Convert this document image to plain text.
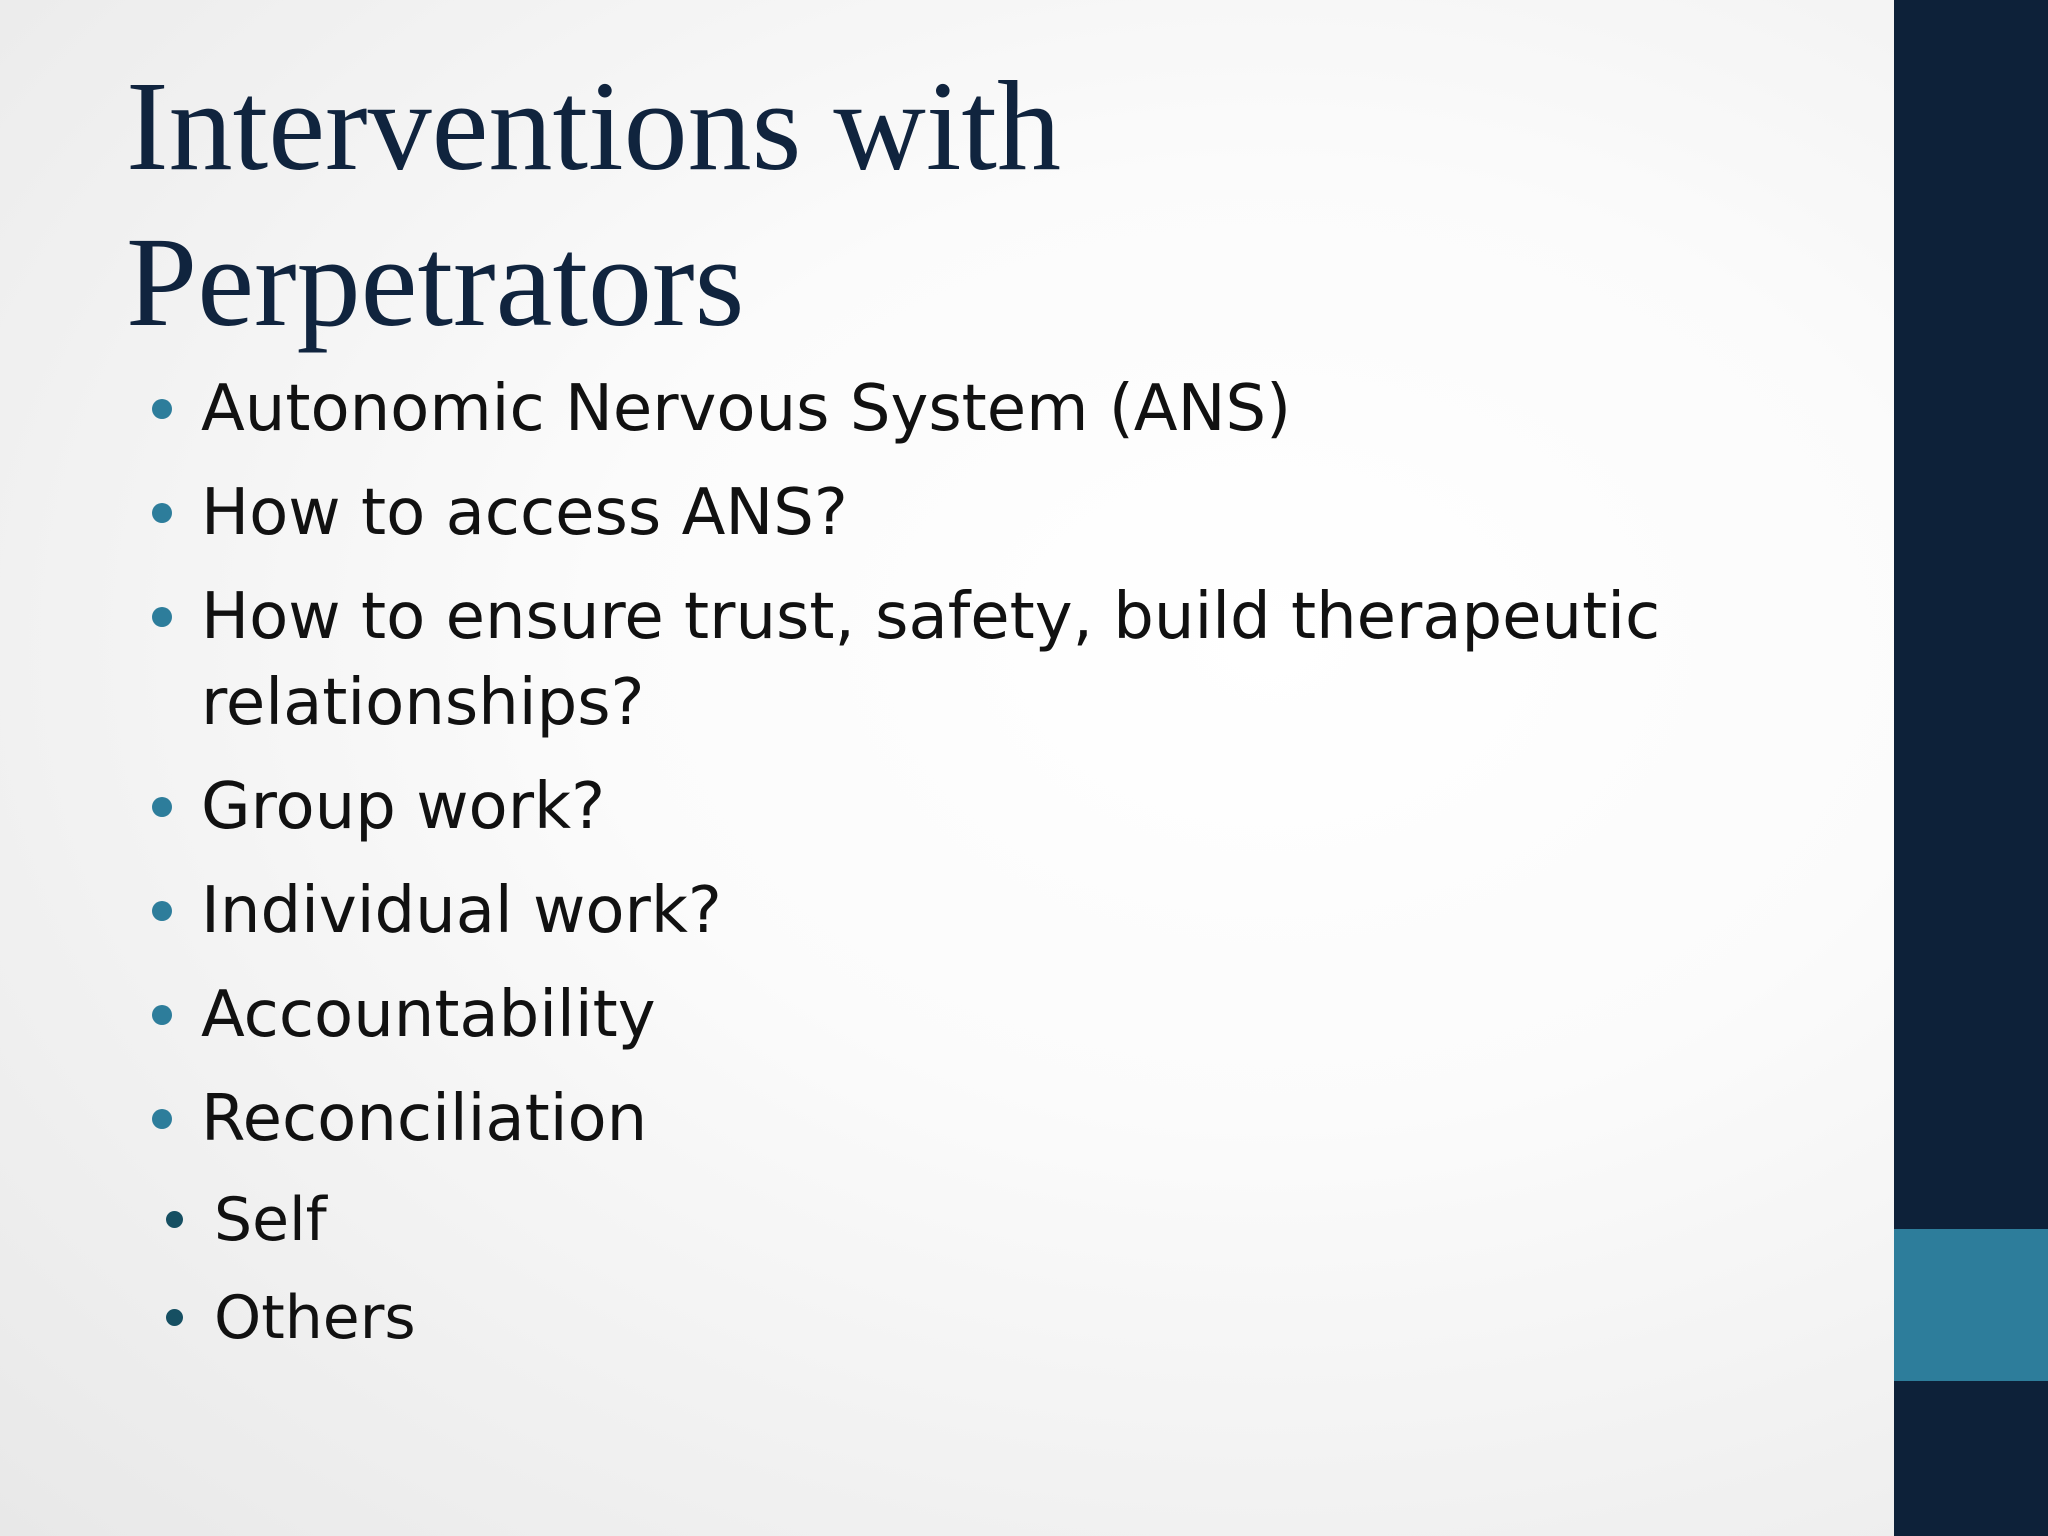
Interventions with
Perpetrators
Autonomic Nervous System (ANS)
How to access ANS?
How to ensure trust, safety, build therapeutic relationships?
Group work?
Individual work?
Accountability
Reconciliation
Self
Others
